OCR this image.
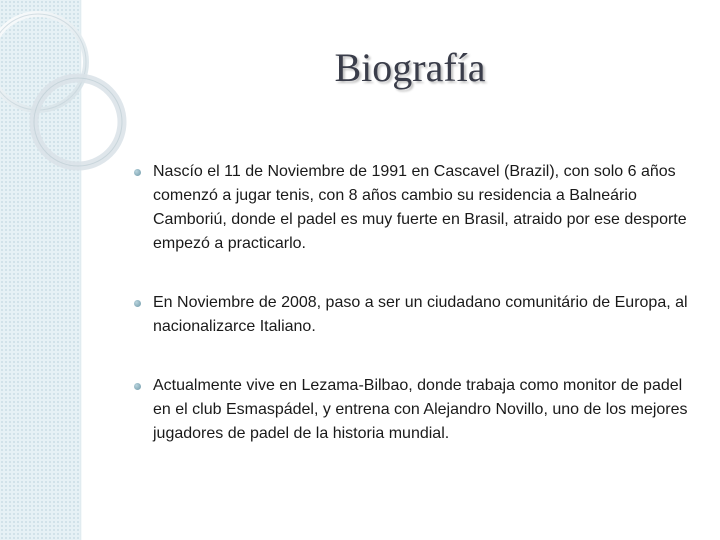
Biografía
Nascío el 11 de Noviembre de 1991 en Cascavel (Brazil), con solo 6 años comenzó a jugar tenis, con 8 años cambio su residencia a Balneário Camboriú, donde el padel es muy fuerte en Brasil, atraido por ese desporte empezó a practicarlo.
En Noviembre de 2008, paso a ser un ciudadano comunitário de Europa, al nacionalizarce Italiano.
Actualmente vive en Lezama-Bilbao, donde trabaja como monitor de padel en el club Esmaspádel, y entrena con Alejandro Novillo, uno de los mejores jugadores de padel de la historia mundial.
